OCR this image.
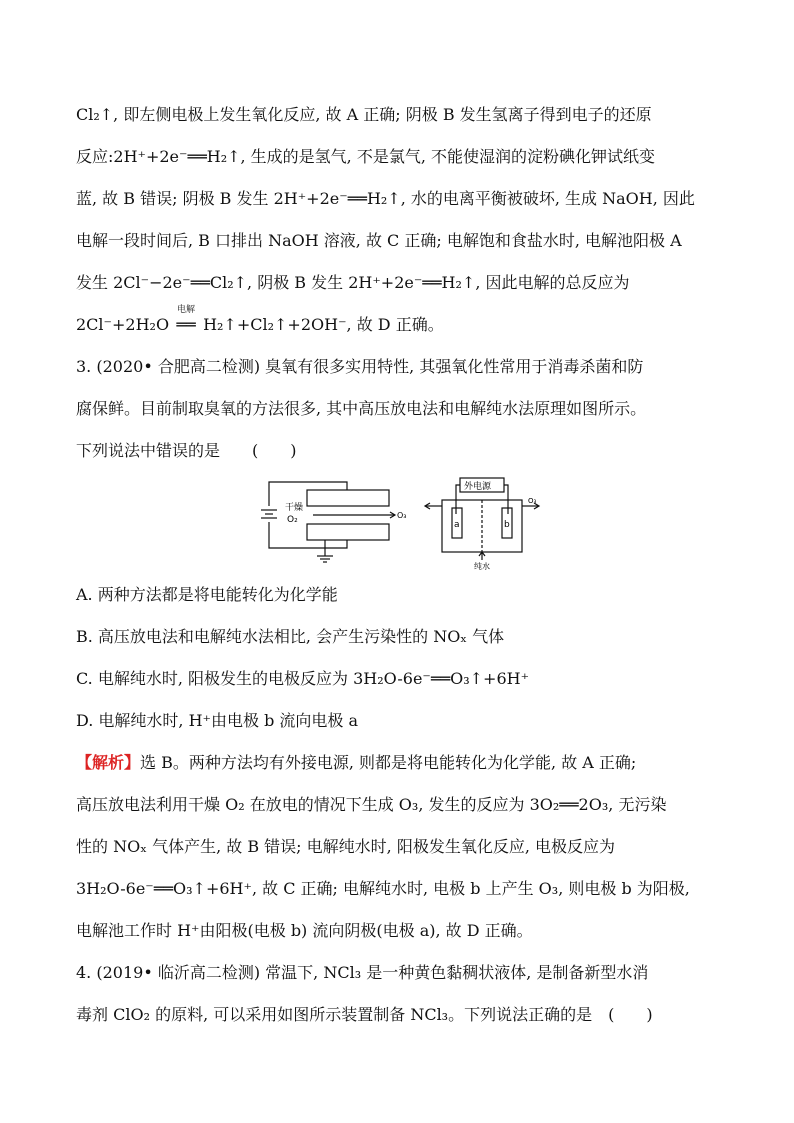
Cl₂↑, 即左侧电极上发生氧化反应, 故 A 正确; 阴极 B 发生氢离子得到电子的还原
反应:2H⁺+2e⁻══H₂↑, 生成的是氢气, 不是氯气, 不能使湿润的淀粉碘化钾试纸变
蓝, 故 B 错误; 阴极 B 发生 2H⁺+2e⁻══H₂↑, 水的电离平衡被破坏, 生成 NaOH, 因此
电解一段时间后, B 口排出 NaOH 溶液, 故 C 正确; 电解饱和食盐水时, 电解池阳极 A
发生 2Cl⁻−2e⁻══Cl₂↑, 阴极 B 发生 2H⁺+2e⁻══H₂↑, 因此电解的总反应为
2Cl⁻+2H₂O
电解
══ H₂↑+Cl₂↑+2OH⁻, 故 D 正确。
3. (2020• 合肥高二检测) 臭氧有很多实用特性, 其强氧化性常用于消毒杀菌和防
腐保鲜。目前制取臭氧的方法很多, 其中高压放电法和电解纯水法原理如图所示。
下列说法中错误的是　　(　　)
干燥
O₂	O₃
外电源
a	b
O₃
纯水
A. 两种方法都是将电能转化为化学能
B. 高压放电法和电解纯水法相比, 会产生污染性的 NOₓ 气体
C. 电解纯水时, 阳极发生的电极反应为 3H₂O-6e⁻══O₃↑+6H⁺
D. 电解纯水时, H⁺由电极 b 流向电极 a
【解析】选 B。两种方法均有外接电源, 则都是将电能转化为化学能, 故 A 正确;
高压放电法利用干燥 O₂ 在放电的情况下生成 O₃, 发生的反应为 3O₂══2O₃, 无污染
性的 NOₓ 气体产生, 故 B 错误; 电解纯水时, 阳极发生氧化反应, 电极反应为
3H₂O-6e⁻══O₃↑+6H⁺, 故 C 正确; 电解纯水时, 电极 b 上产生 O₃, 则电极 b 为阳极,
电解池工作时 H⁺由阳极(电极 b) 流向阴极(电极 a), 故 D 正确。
4. (2019• 临沂高二检测) 常温下, NCl₃ 是一种黄色黏稠状液体, 是制备新型水消
毒剂 ClO₂ 的原料, 可以采用如图所示装置制备 NCl₃。下列说法正确的是　(　　)
